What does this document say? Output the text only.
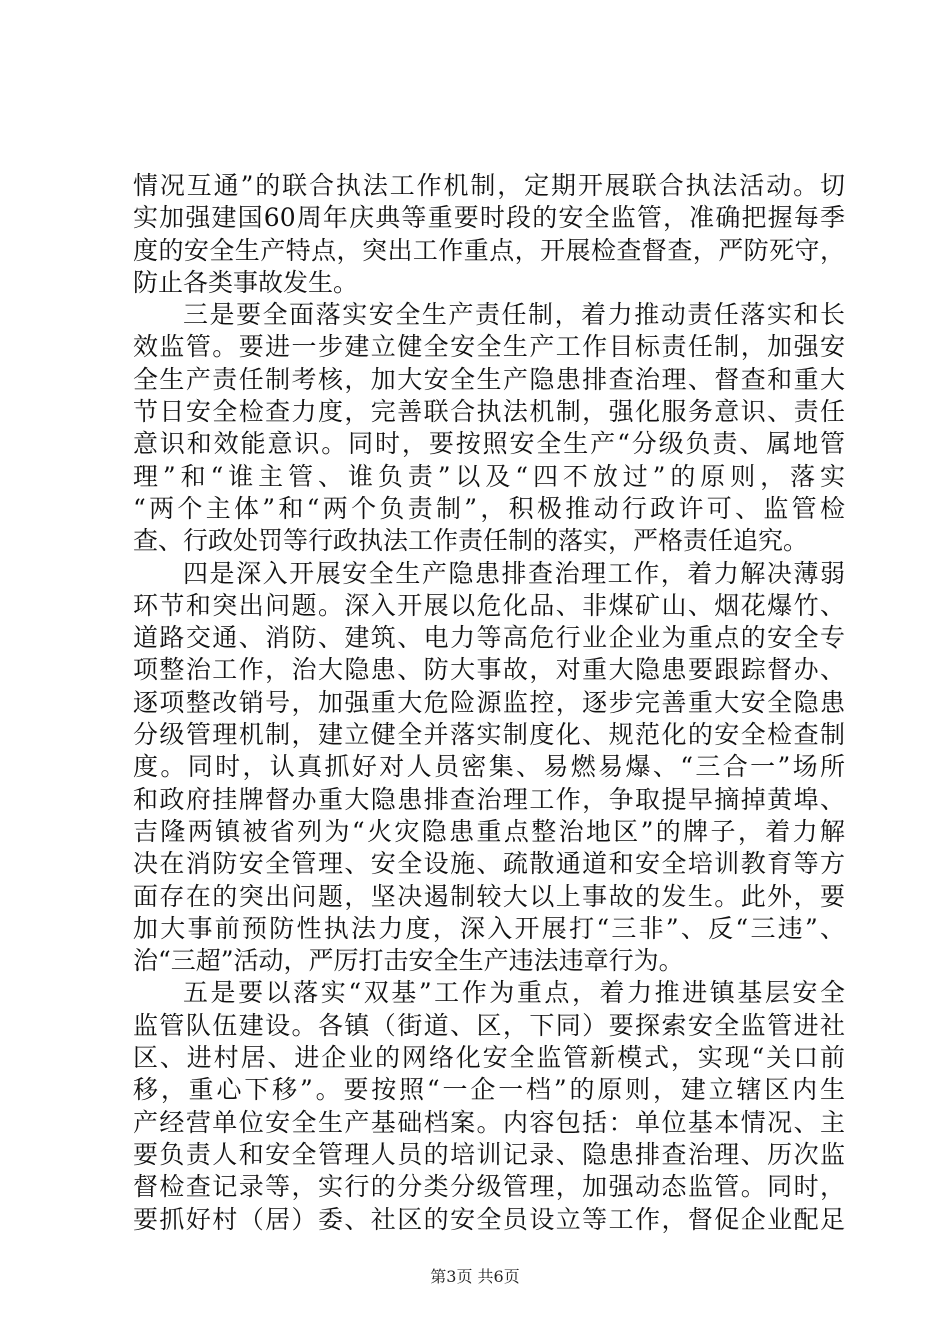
情况互通”的联合执法工作机制，定期开展联合执法活动。切
实加强建国60周年庆典等重要时段的安全监管，准确把握每季
度的安全生产特点，突出工作重点，开展检查督查，严防死守，
防止各类事故发生。
三是要全面落实安全生产责任制，着力推动责任落实和长
效监管。要进一步建立健全安全生产工作目标责任制，加强安
全生产责任制考核，加大安全生产隐患排查治理、督查和重大
节日安全检查力度，完善联合执法机制，强化服务意识、责任
意识和效能意识。同时，要按照安全生产“分级负责、属地管
理”和“谁主管、谁负责”以及“四不放过”的原则，落实
“两个主体”和“两个负责制”，积极推动行政许可、监管检
查、行政处罚等行政执法工作责任制的落实，严格责任追究。
四是深入开展安全生产隐患排查治理工作，着力解决薄弱
环节和突出问题。深入开展以危化品、非煤矿山、烟花爆竹、
道路交通、消防、建筑、电力等高危行业企业为重点的安全专
项整治工作，治大隐患、防大事故，对重大隐患要跟踪督办、
逐项整改销号，加强重大危险源监控，逐步完善重大安全隐患
分级管理机制，建立健全并落实制度化、规范化的安全检查制
度。同时，认真抓好对人员密集、易燃易爆、“三合一”场所
和政府挂牌督办重大隐患排查治理工作，争取提早摘掉黄埠、
吉隆两镇被省列为“火灾隐患重点整治地区”的牌子，着力解
决在消防安全管理、安全设施、疏散通道和安全培训教育等方
面存在的突出问题，坚决遏制较大以上事故的发生。此外，要
加大事前预防性执法力度，深入开展打“三非”、反“三违”、
治“三超”活动，严厉打击安全生产违法违章行为。
五是要以落实“双基”工作为重点，着力推进镇基层安全
监管队伍建设。各镇（街道、区，下同）要探索安全监管进社
区、进村居、进企业的网络化安全监管新模式，实现“关口前
移，重心下移”。要按照“一企一档”的原则，建立辖区内生
产经营单位安全生产基础档案。内容包括：单位基本情况、主
要负责人和安全管理人员的培训记录、隐患排查治理、历次监
督检查记录等，实行的分类分级管理，加强动态监管。同时，
要抓好村（居）委、社区的安全员设立等工作，督促企业配足
第3页 共6页
